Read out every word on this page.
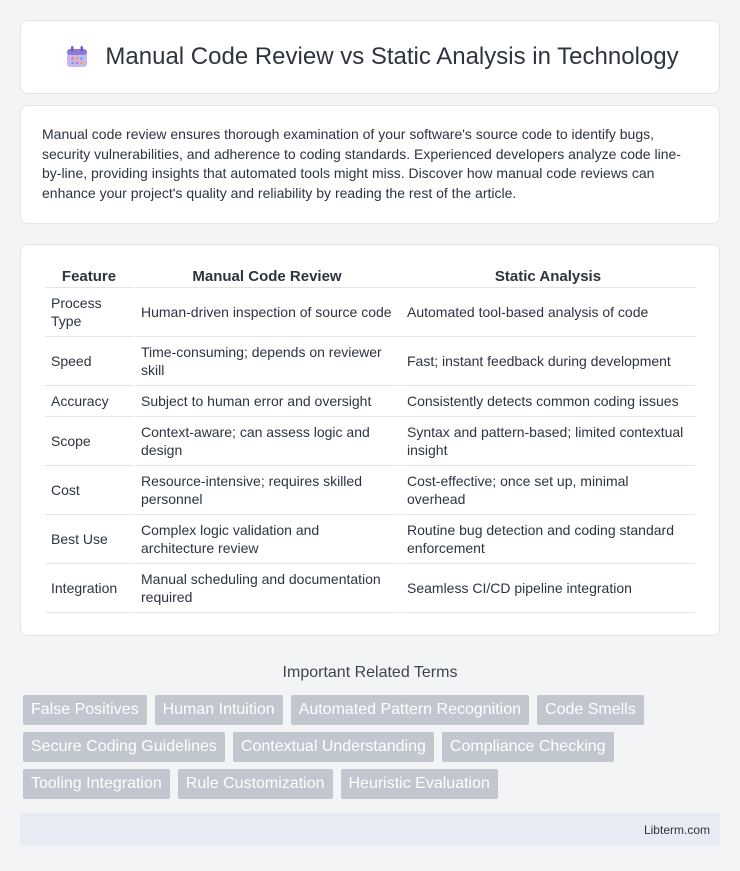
Manual Code Review vs Static Analysis in Technology

Manual code review ensures thorough examination of your software's source code to identify bugs, security vulnerabilities, and adherence to coding standards. Experienced developers analyze code line-by-line, providing insights that automated tools might miss. Discover how manual code reviews can enhance your project's quality and reliability by reading the rest of the article.

Feature	Manual Code Review	Static Analysis
Process Type	Human-driven inspection of source code	Automated tool-based analysis of code
Speed	Time-consuming; depends on reviewer skill	Fast; instant feedback during development
Accuracy	Subject to human error and oversight	Consistently detects common coding issues
Scope	Context-aware; can assess logic and design	Syntax and pattern-based; limited contextual insight
Cost	Resource-intensive; requires skilled personnel	Cost-effective; once set up, minimal overhead
Best Use	Complex logic validation and architecture review	Routine bug detection and coding standard enforcement
Integration	Manual scheduling and documentation required	Seamless CI/CD pipeline integration
Important Related Terms
False Positives	Human Intuition	Automated Pattern Recognition	Code Smells
Secure Coding Guidelines	Contextual Understanding	Compliance Checking
Tooling Integration	Rule Customization	Heuristic Evaluation
Libterm.com
